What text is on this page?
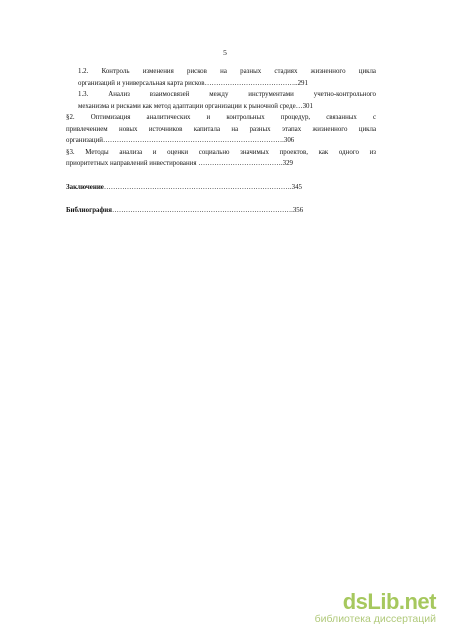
5
1.2. Контроль изменения рисков на разных стадиях жизненного цикла
организаций и универсальная карта рисков…………………………………..291
1.3. Анализ взаимосвязей между инструментами учетно-контрольного
механизма и рисками как метод адаптации организации к рыночной среде…301
§2. Оптимизация аналитических и контрольных процедур, связанных с
привлечением новых источников капитала на разных этапах жизненного цикла
организаций…………………………………………………………………….306
§3. Методы анализа и оценки социально значимых проектов, как одного из
приоритетных направлений инвестирования ……………………………….329
Заключение……………………………………………………………………….345
Библиография…………………………………………………………………….356
dsLib.net
библиотека диссертаций
